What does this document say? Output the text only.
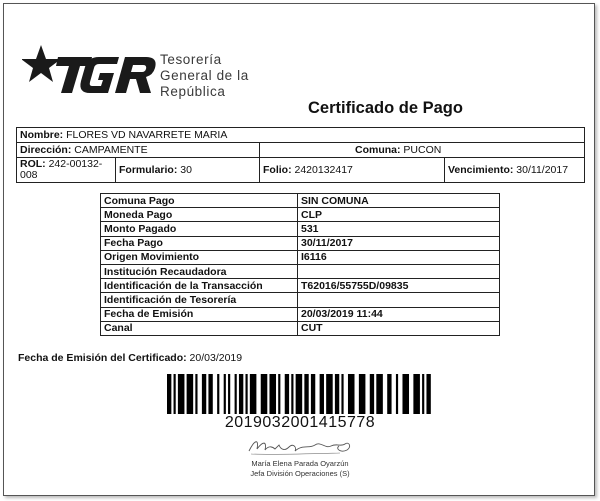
Tesorería
General de la
República
Certificado de Pago
Nombre: FLORES VD NAVARRETE MARIA			
Dirección: CAMPAMENTE		Comuna: PUCON	
ROL: 242-00132-
008	Formulario: 30	Folio: 2420132417	Vencimiento: 30/11/2017
Comuna Pago	SIN COMUNA
Moneda Pago	CLP
Monto Pagado	531
Fecha Pago	30/11/2017
Origen Movimiento	I6116
Institución Recaudadora	
Identificación de la Transacción	T62016/55755D/09835
Identificación de Tesorería	
Fecha de Emisión	20/03/2019 11:44
Canal	CUT
Fecha de Emisión del Certificado: 20/03/2019
2019032001415778
María Elena Parada Oyarzún
Jefa División Operaciones (S)
